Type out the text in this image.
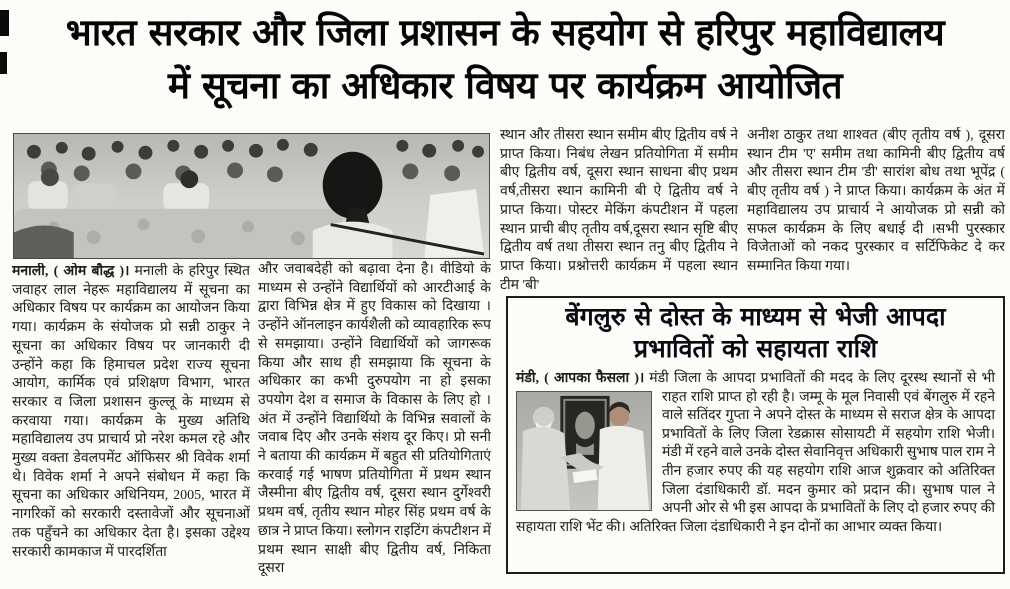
भारत सरकार और जिला प्रशासन के सहयोग से हरिपुर महाविद्यालय
में सूचना का अधिकार विषय पर कार्यक्रम आयोजित
मनाली, ( ओम बौद्ध )। मनाली के हरिपुर स्थित जवाहर लाल नेहरू महाविद्यालय में सूचना का अधिकार विषय पर कार्यक्रम का आयोजन किया गया। कार्यक्रम के संयोजक प्रो सन्नी ठाकुर ने सूचना का अधिकार विषय पर जानकारी दी उन्होंने कहा कि हिमाचल प्रदेश राज्य सूचना आयोग, कार्मिक एवं प्रशिक्षण विभाग, भारत सरकार व जिला प्रशासन कुल्लू के माध्यम से करवाया गया। कार्यक्रम के मुख्य अतिथि महाविद्यालय उप प्राचार्य प्रो नरेश कमल रहे और मुख्य वक्ता डेवलपमेंट ऑफिसर श्री विवेक शर्मा थे। विवेक शर्मा ने अपने संबोधन में कहा कि सूचना का अधिकार अधिनियम, 2005, भारत में नागरिकों को सरकारी दस्तावेजों और सूचनाओं तक पहुँचने का अधिकार देता है। इसका उद्देश्य सरकारी कामकाज में पारदर्शिता
और जवाबदेही को बढ़ावा देना है। वीडियो के माध्यम से उन्होंने विद्यार्थियों को आरटीआई के द्वारा विभिन्न क्षेत्र में हुए विकास को दिखाया । उन्होंने ऑनलाइन कार्यशैली को व्यावहारिक रूप से समझाया। उन्होंने विद्यार्थियों को जागरूक किया और साथ ही समझाया कि सूचना के अधिकार का कभी दुरुपयोग ना हो इसका उपयोग देश व समाज के विकास के लिए हो ।अंत में उन्होंने विद्यार्थियो के विभिन्न सवालों के जवाब दिए और उनके संशय दूर किए। प्रो सनी ने बताया की कार्यक्रम में बहुत सी प्रतियोगिताएं करवाई गई भाषण प्रतियोगिता में प्रथम स्थान जैस्मीना बीए द्वितीय वर्ष, दूसरा स्थान दुर्गेश्वरी प्रथम वर्ष, तृतीय स्थान मोहर सिंह प्रथम वर्ष के छात्र ने प्राप्त किया। स्लोगन राइटिंग कंपटीशन में प्रथम स्थान साक्षी बीए द्वितीय वर्ष, निकिता दूसरा
स्थान और तीसरा स्थान समीम बीए द्वितीय वर्ष ने प्राप्त किया। निबंध लेखन प्रतियोगिता में समीम बीए द्वितीय वर्ष, दूसरा स्थान साधना बीए प्रथम वर्ष,तीसरा स्थान कामिनी बी ऐ द्वितीय वर्ष ने प्राप्त किया। पोस्टर मेकिंग कंपटीशन में पहला स्थान प्राची बीए तृतीय वर्ष,दूसरा स्थान सृष्टि बीए द्वितीय वर्ष तथा तीसरा स्थान तनु बीए द्वितीय ने प्राप्त किया। प्रश्नोत्तरी कार्यक्रम में पहला स्थान टीम 'बी'
अनीश ठाकुर तथा शाश्वत (बीए तृतीय वर्ष ), दूसरा स्थान टीम 'ए' समीम तथा कामिनी बीए द्वितीय वर्ष और तीसरा स्थान टीम 'डी' सारांश बोध तथा भूपेंद्र ( बीए तृतीय वर्ष ) ने प्राप्त किया। कार्यक्रम के अंत में महाविद्यालय उप प्राचार्य ने आयोजक प्रो सन्नी को सफल कार्यक्रम के लिए बधाई दी ।सभी पुरस्कार विजेताओं को नकद पुरस्कार व सर्टिफिकेट दे कर सम्मानित किया गया।
बेंगलुरु से दोस्त के माध्यम से भेजी आपदा
प्रभावितों को सहायता राशि
मंडी, ( आपका फैसला )। मंडी जिला के आपदा प्रभावितों की मदद के लिए दूरस्थ स्थानों से भी राहत राशि प्राप्त हो रही है। जम्मू के मूल निवासी एवं बेंगलुरु में रहने वाले सतिंदर गुप्ता ने अपने दोस्त के माध्यम से सराज क्षेत्र के आपदा प्रभावितों के लिए जिला रेडक्रास सोसायटी में सहयोग राशि भेजी। मंडी में रहने वाले उनके दोस्त सेवानिवृत्त अधिकारी सुभाष पाल राम ने तीन हजार रुपए की यह सहयोग राशि आज शुक्रवार को अतिरिक्त जिला दंडाधिकारी डॉ. मदन कुमार को प्रदान की। सुभाष पाल ने अपनी ओर से भी इस आपदा के प्रभावितों के लिए दो हजार रुपए की सहायता राशि भेंट की। अतिरिक्त जिला दंडाधिकारी ने इन दोनों का आभार व्यक्त किया।
